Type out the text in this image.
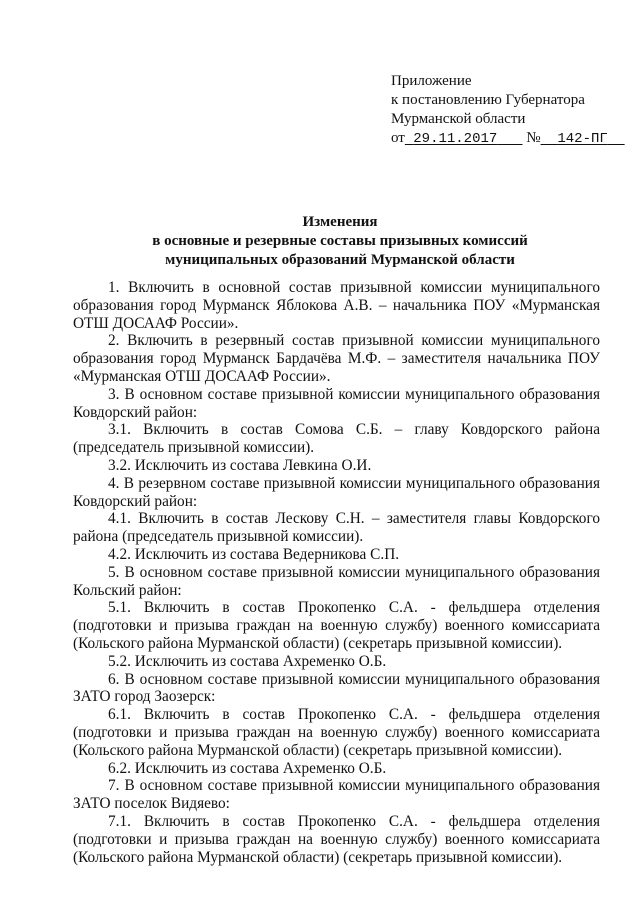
Приложение
к постановлению Губернатора
Мурманской области
от 29.11.2017 № 142-ПГ
Изменения
в основные и резервные составы призывных комиссий
муниципальных образований Мурманской области

1. Включить в основной состав призывной комиссии муниципального образования город Мурманск Яблокова А.В. – начальника ПОУ «Мурманская ОТШ ДОСААФ России».

2. Включить в резервный состав призывной комиссии муниципального образования город Мурманск Бардачёва М.Ф. – заместителя начальника ПОУ «Мурманская ОТШ ДОСААФ России».

3. В основном составе призывной комиссии муниципального образования Ковдорский район:

3.1. Включить в состав Сомова С.Б. – главу Ковдорского района (председатель призывной комиссии).

3.2. Исключить из состава Левкина О.И.

4. В резервном составе призывной комиссии муниципального образования Ковдорский район:

4.1. Включить в состав Лескову С.Н. – заместителя главы Ковдорского района (председатель призывной комиссии).

4.2. Исключить из состава Ведерникова С.П.

5. В основном составе призывной комиссии муниципального образования Кольский район:

5.1. Включить в состав Прокопенко С.А. - фельдшера отделения (подготовки и призыва граждан на военную службу) военного комиссариата (Кольского района Мурманской области) (секретарь призывной комиссии).

5.2. Исключить из состава Ахременко О.Б.

6. В основном составе призывной комиссии муниципального образования ЗАТО город Заозерск:

6.1. Включить в состав Прокопенко С.А. - фельдшера отделения (подготовки и призыва граждан на военную службу) военного комиссариата (Кольского района Мурманской области) (секретарь призывной комиссии).

6.2. Исключить из состава Ахременко О.Б.

7. В основном составе призывной комиссии муниципального образования ЗАТО поселок Видяево:

7.1. Включить в состав Прокопенко С.А. - фельдшера отделения (подготовки и призыва граждан на военную службу) военного комиссариата (Кольского района Мурманской области) (секретарь призывной комиссии).
